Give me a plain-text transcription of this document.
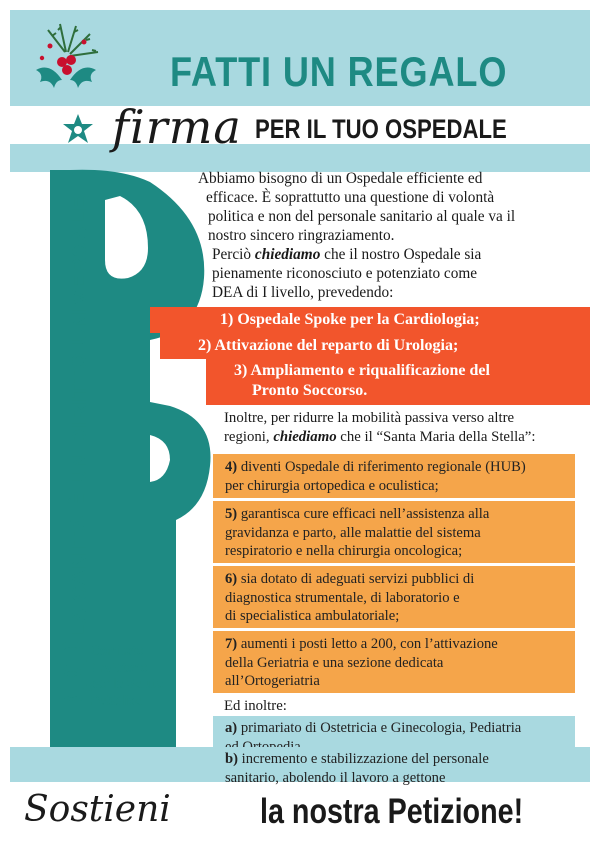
LA SANITÀ È UN DIRITTO UNIVERSALE
Comitato
Orvietano
per la Salute
Pubblica
FATTI UN REGALO
firma PER IL TUO OSPEDALE
Abbiamo bisogno di un Ospedale efficiente ed
efficace. È soprattutto una questione di volontà
politica e non del personale sanitario al quale va il
nostro sincero ringraziamento.
Perciò chiediamo che il nostro Ospedale sia
pienamente riconosciuto e potenziato come
DEA di I livello, prevedendo:
1) Ospedale Spoke per la Cardiologia;
2) Attivazione del reparto di Urologia;
3) Ampliamento e riqualificazione del
Pronto Soccorso.
Inoltre, per ridurre la mobilità passiva verso altre
regioni, chiediamo che il “Santa Maria della Stella”:
4) diventi Ospedale di riferimento regionale (HUB)
per chirurgia ortopedica e oculistica;
5) garantisca cure efficaci nell’assistenza alla
gravidanza e parto, alle malattie del sistema
respiratorio e nella chirurgia oncologica;
6) sia dotato di adeguati servizi pubblici di
diagnostica strumentale, di laboratorio e
di specialistica ambulatoriale;
7) aumenti i posti letto a 200, con l’attivazione
della Geriatria e una sezione dedicata
all’Ortogeriatria
Ed inoltre:
a) primariato di Ostetricia e Ginecologia, Pediatria

b) incremento e stabilizzazione del personale
sanitario, abolendo il lavoro a gettone
Sostieni	la nostra Petizione!
